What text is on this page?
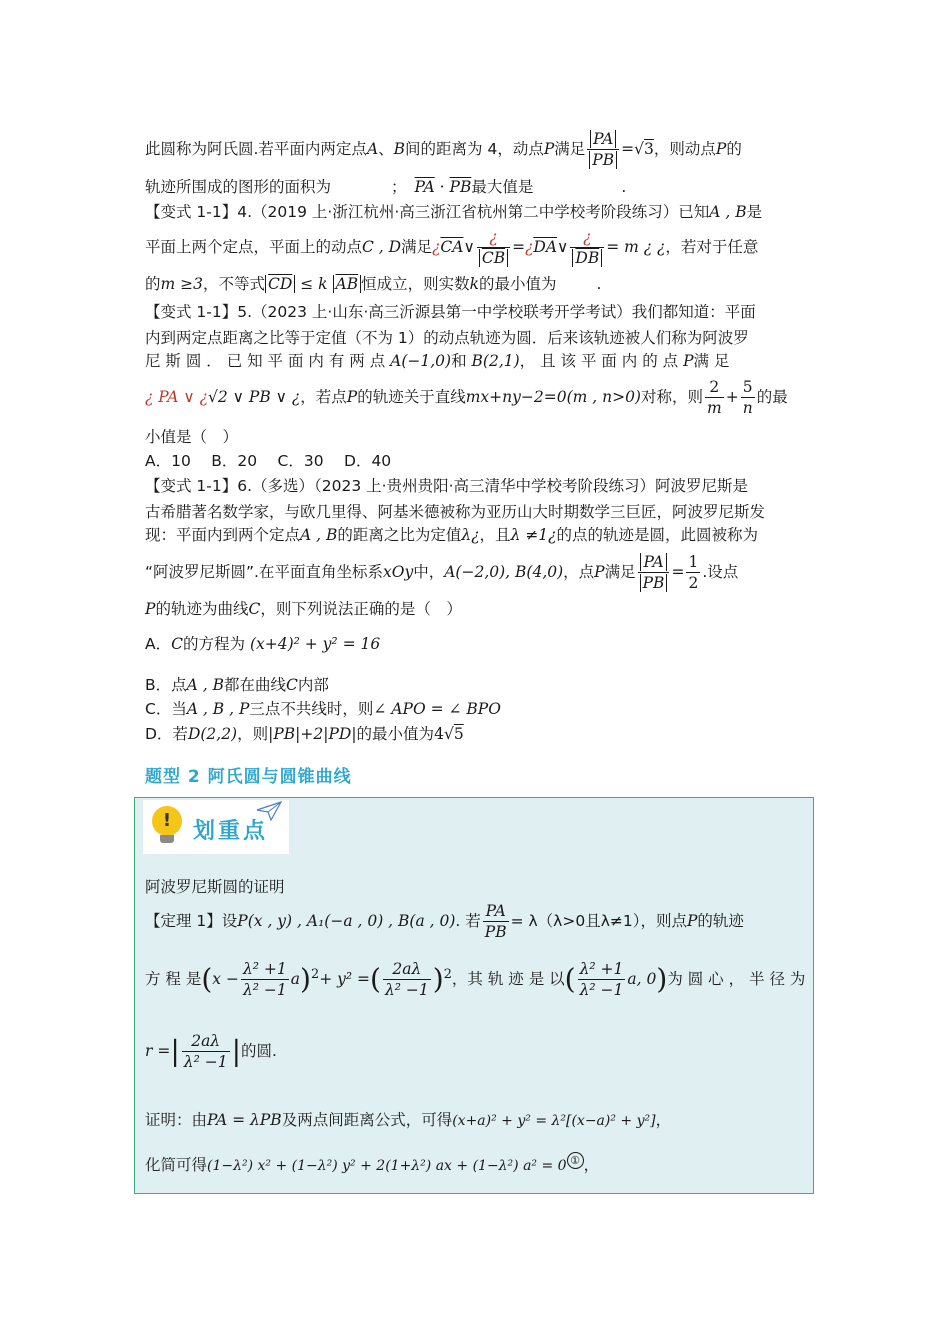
此圆称为阿氏圆.若平面内两定点A、B间的距离为 4，动点P满足 $\frac{PA}{PB} =√3$，则动点P的
轨迹所围成的图形的面积为	； $\overline{PA} \cdot \overline{PB}$最大值是	.
【变式 1-1】4.（2019 上·浙江杭州·高三浙江省杭州第二中学校考阶段练习）已知A , B是
平面上两个定点，平面上的动点C , D满足¿$\overline{CA}\vee \frac{¿}{CB}$ $=¿\overline{DA}\vee \frac{¿}{DB} = m$ ¿ ¿，若对于任意
的m ≥3，不等式 $\overline{CD} \le k$ $\overline{AB}$ 恒成立，则实数k的最小值为	.
【变式 1-1】5.（2023 上·山东·高三沂源县第一中学校联考开学考试）我们都知道：平面
内到两定点距离之比等于定值（不为 1）的动点轨迹为圆．后来该轨迹被人们称为阿波罗
尼 斯 圆 ． 已 知 平 面 内 有 两 点 A(−1,0)和 B(2,1)， 且 该 平 面 内 的 点 P满 足
¿ PA ∨ ¿√2 ∨ PB ∨ ¿，若点P的轨迹关于直线mx+ny−2=0(m , n>0)对称，则 $\frac{2}{m} + \frac{5}{n}$ 的最
小值是（　）
A．10　 B．20　 C．30　 D．40
【变式 1-1】6.（多选）（2023 上·贵州贵阳·高三清华中学校考阶段练习）阿波罗尼斯是
古希腊著名数学家，与欧几里得、阿基米德被称为亚历山大时期数学三巨匠，阿波罗尼斯发
现：平面内到两个定点A , B的距离之比为定值λ¿，且λ ≠1¿的点的轨迹是圆，此圆被称为
“阿波罗尼斯圆”.在平面直角坐标系xOy中，A(−2,0), B(4,0)，点P满足 $\frac{PA}{PB} = \frac{1}{2}$ .设点
P的轨迹为曲线C，则下列说法正确的是（　）
A．C的方程为 (x+4)² + y² = 16
B．点A , B都在曲线C内部
C．当A , B , P三点不共线时，则∠ APO = ∠ BPO
D．若D(2,2)，则|PB|+2|PD|的最小值为4√5
题型 2 阿氏圆与圆锥曲线
! 划重点
阿波罗尼斯圆的证明
【定理 1】设P(x , y) , A₁(−a , 0) , B(a , 0). 若 $\frac{PA}{PB} = \lambda(\lambda>0$且λ≠1），则点P的轨迹
方 程 是$(x - \frac{\text{λ² +1}}{\text{λ² −1}} a)^2+ y^2$ =( $\frac{2a\lambda}{\text{λ² −1}} )^2$，其 轨 迹 是 以( $\frac{\text{λ² +1}}{\text{λ² −1}} a$, 0)为 圆 心 ， 半 径 为
r =| $\frac{2a\lambda}{\text{λ² −1}}$ |的圆.
证明：由PA = λPB及两点间距离公式，可得(x+a)² + y² = λ²[(x−a)² + y²]，
化简可得(1−λ²) x² + (1−λ²) y² + 2(1+λ²) ax + (1−λ²) a² = 0 ① ，
